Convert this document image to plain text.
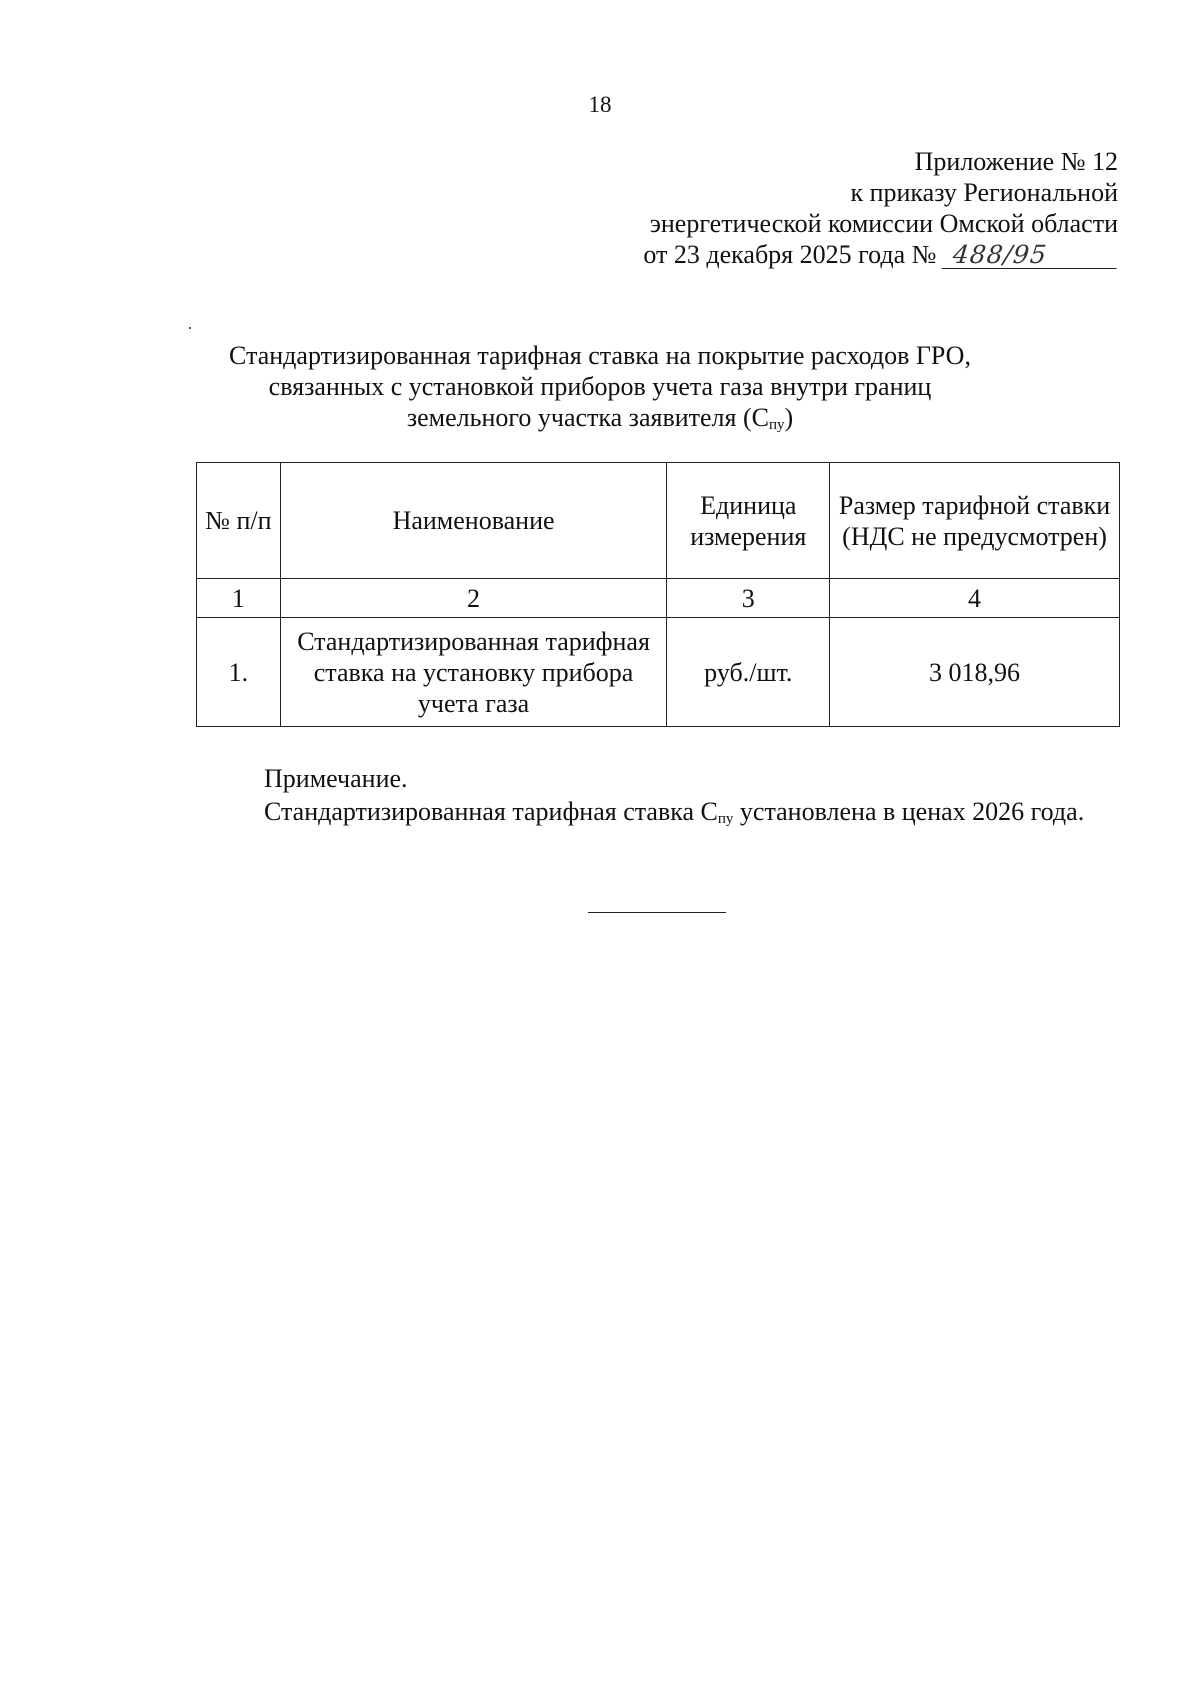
18
Приложение № 12
к приказу Региональной
энергетической комиссии Омской области
от 23 декабря 2025 года № 488/95
Стандартизированная тарифная ставка на покрытие расходов ГРО,
связанных с установкой приборов учета газа внутри границ
земельного участка заявителя $(С_{пу})$
№ п/п	Наименование	Единица измерения	Размер тарифной ставки (НДС не предусмотрен)
1	2	3	4
1.	Стандартизированная тарифная ставка на установку прибора учета газа	руб./шт.	3 018,96
Примечание.
Стандартизированная тарифная ставка $С_{пу}$ установлена в ценах 2026 года.
